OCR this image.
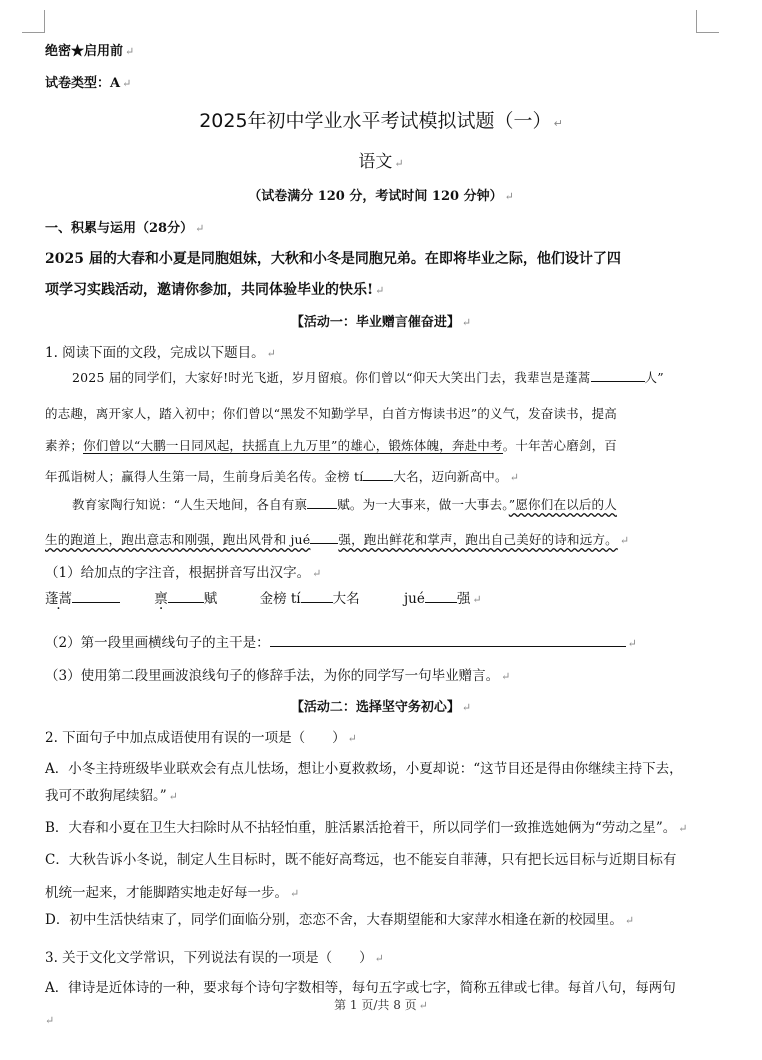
绝密★启用前 ↵
试卷类型：A ↵
2025年初中学业水平考试模拟试题（一） ↵
语文 ↵
（试卷满分 120 分，考试时间 120 分钟） ↵
一、积累与运用（28分） ↵
2025 届的大春和小夏是同胞姐妹，大秋和小冬是同胞兄弟。在即将毕业之际，他们设计了四
项学习实践活动，邀请你参加，共同体验毕业的快乐! ↵
【活动一：毕业赠言催奋进】 ↵
1. 阅读下面的文段，完成以下题目。 ↵
2025 届的同学们，大家好!时光飞逝，岁月留痕。你们曾以“仰天大笑出门去，我辈岂是蓬蒿	人”
的志趣，离开家人，踏入初中；你们曾以“黑发不知勤学早，白首方悔读书迟”的义气，发奋读书，提高
素养；你们曾以“大鹏一日同风起，扶摇直上九万里”的雄心，锻炼体魄，奔赴中考。十年苦心磨剑，百
年孤诣树人；赢得人生第一局，生前身后美名传。金榜 tí 大名，迈向新高中。 ↵
教育家陶行知说：“人生天地间，各自有禀 赋。为一大事来，做一大事去。”愿你们在以后的人
生的跑道上，跑出意志和刚强，跑出风骨和 jué 强，跑出鲜花和掌声，跑出自己美好的诗和远方。 ↵
（1）给加点的字注音，根据拼音写出汉字。 ↵
蓬蒿	禀	赋	金榜 tí 大名	jué 强 ↵
（2）第一段里画横线句子的主干是：	↵
（3）使用第二段里画波浪线句子的修辞手法，为你的同学写一句毕业赠言。 ↵
【活动二：选择坚守务初心】 ↵
2. 下面句子中加点成语使用有误的一项是（　　） ↵
A．小冬主持班级毕业联欢会有点儿怯场，想让小夏救救场，小夏却说：“这节目还是得由你继续主持下去，
我可不敢狗尾续貂。” ↵
B．大春和小夏在卫生大扫除时从不拈轻怕重，脏活累活抢着干，所以同学们一致推选她俩为“劳动之星”。 ↵
C．大秋告诉小冬说，制定人生目标时，既不能好高骛远，也不能妄自菲薄，只有把长远目标与近期目标有
机统一起来，才能脚踏实地走好每一步。 ↵
D．初中生活快结束了，同学们面临分别，恋恋不舍，大春期望能和大家萍水相逢在新的校园里。 ↵
3. 关于文化文学常识，下列说法有误的一项是（　　） ↵
A．律诗是近体诗的一种，要求每个诗句字数相等，每句五字或七字，简称五律或七律。每首八句，每两句
第 1 页/共 8 页 ↵
↵
